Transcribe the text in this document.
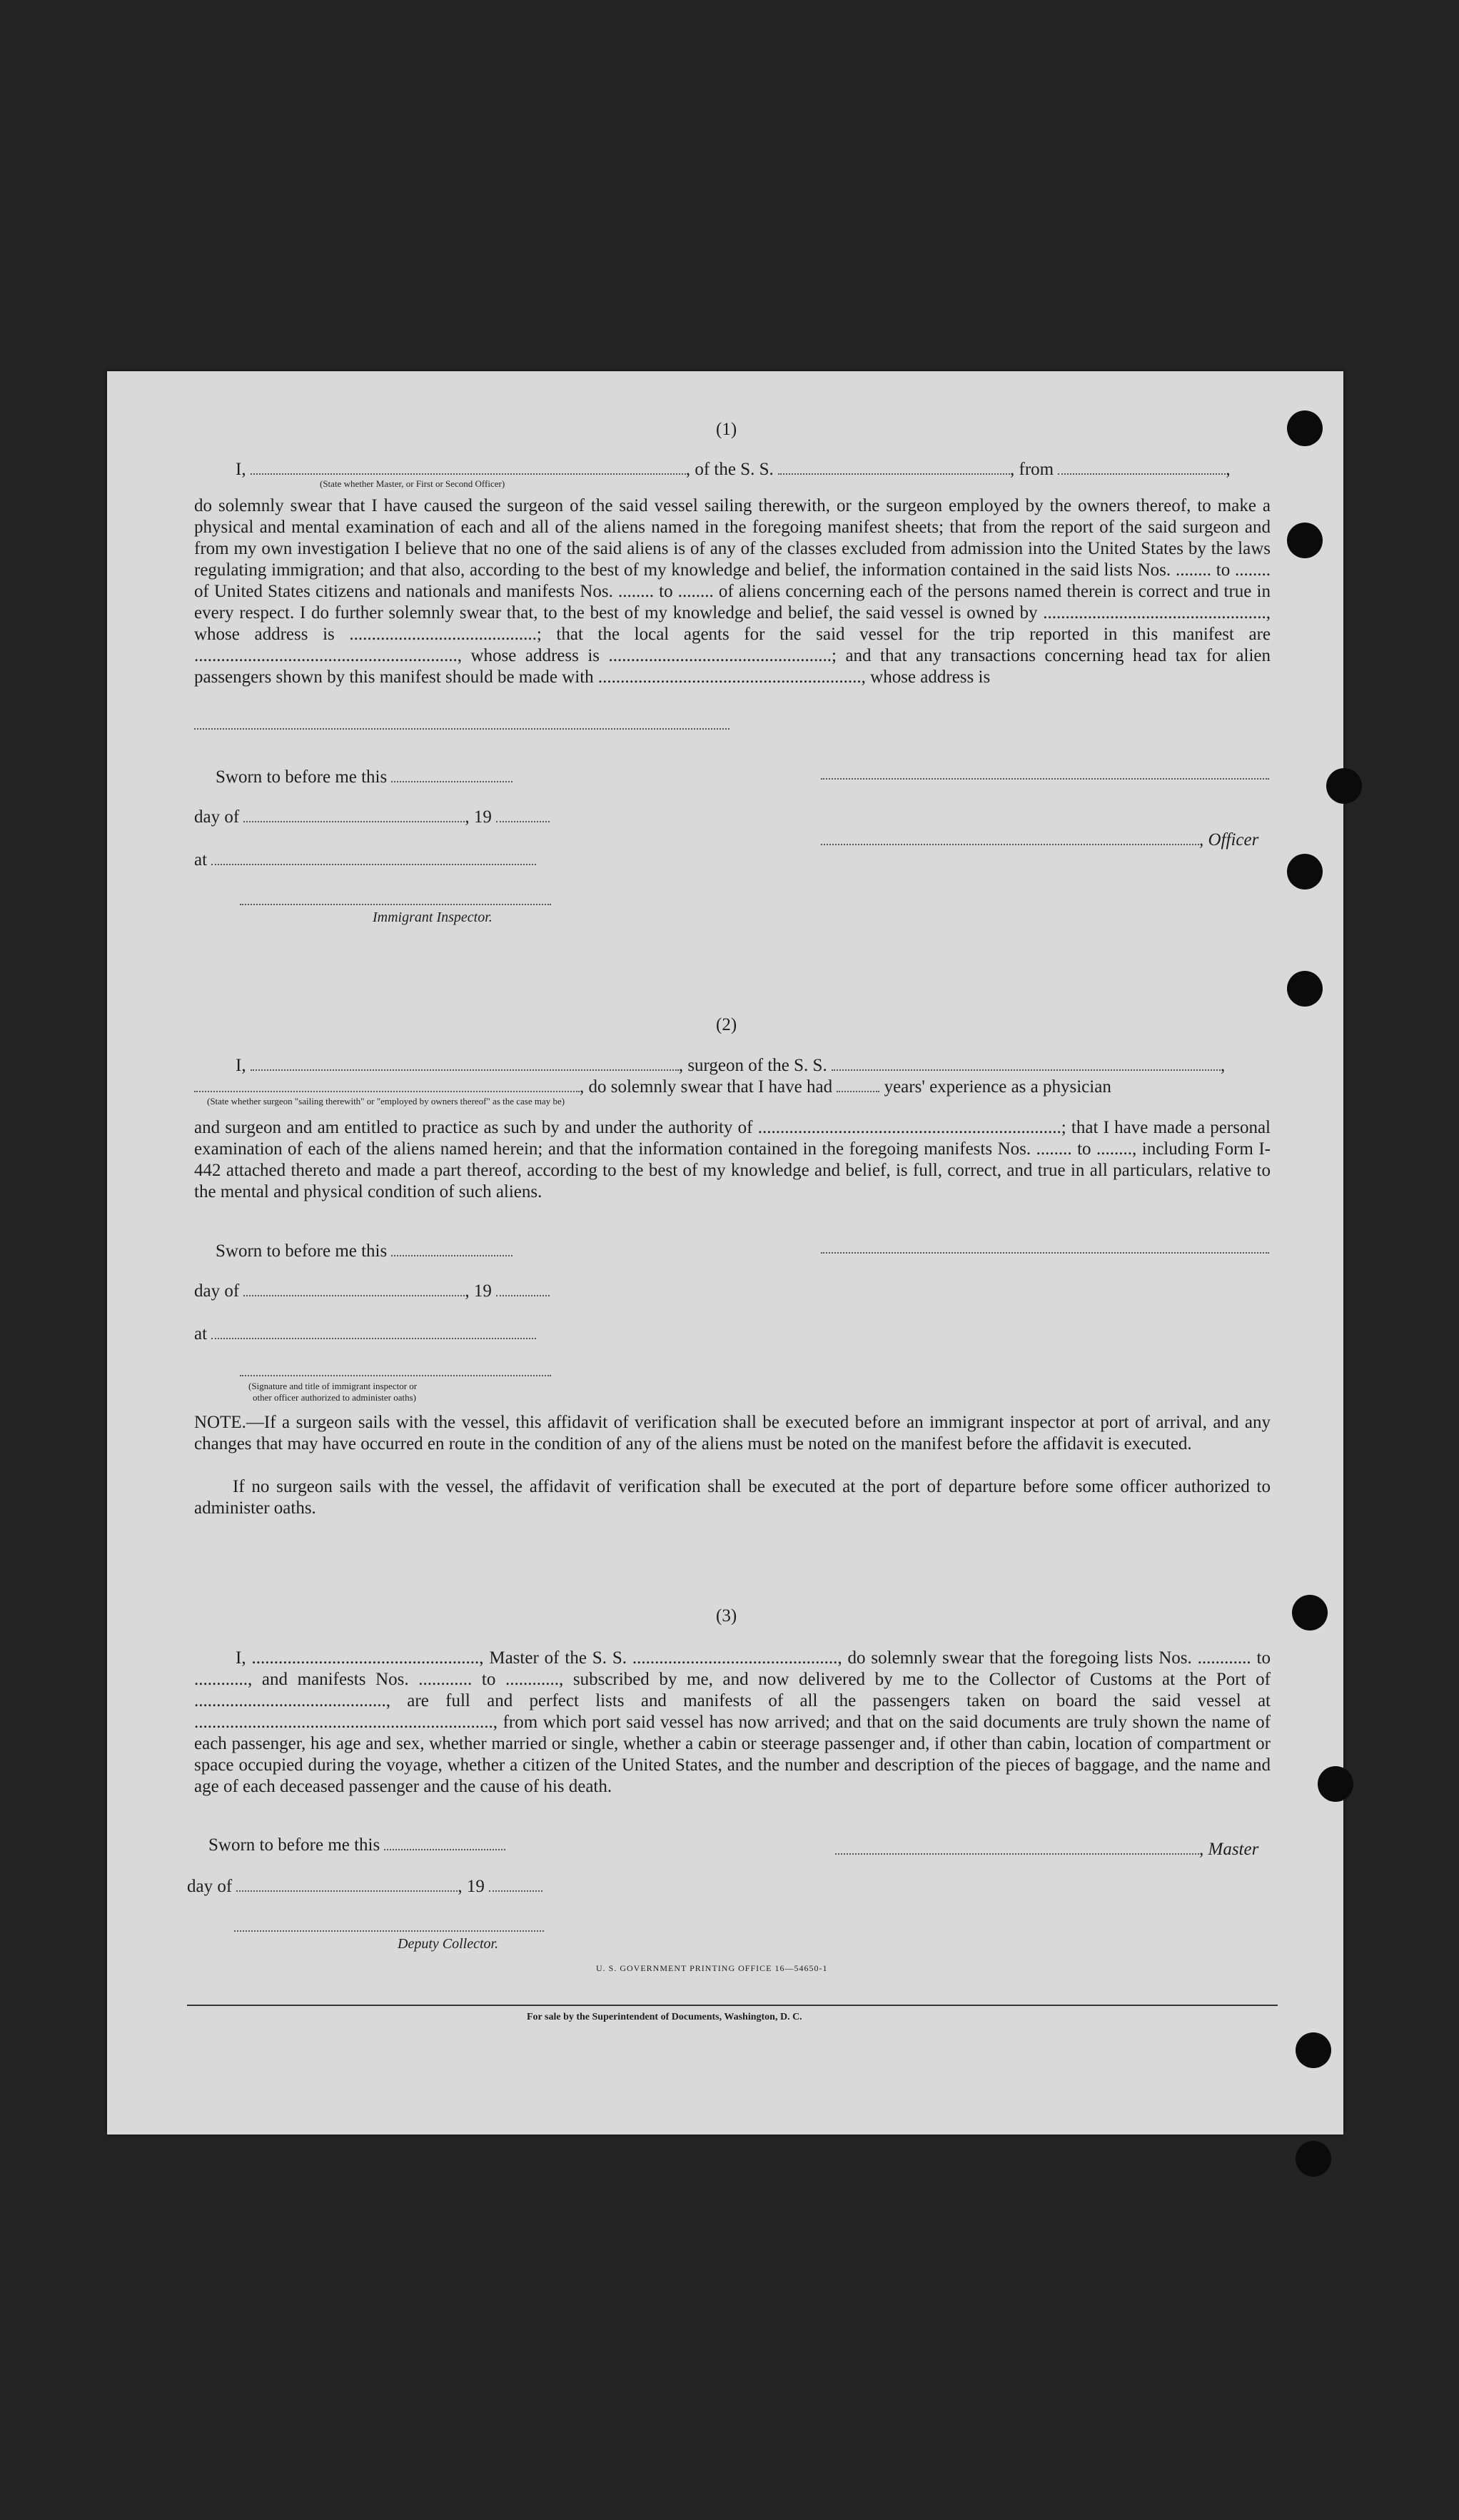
(1)
I,	, of the S. S.	, from	,
(State whether Master, or First or Second Officer)
do solemnly swear that I have caused the surgeon of the said vessel sailing therewith, or the surgeon employed by the owners thereof, to make a physical and mental examination of each and all of the aliens named in the foregoing manifest sheets; that from the report of the said surgeon and from my own investigation I believe that no one of the said aliens is of any of the classes excluded from admission into the United States by the laws regulating immigration; and that also, according to the best of my knowledge and belief, the information contained in the said lists Nos. ........ to ........ of United States citizens and nationals and manifests Nos. ........ to ........ of aliens concerning each of the persons named therein is correct and true in every respect. I do further solemnly swear that, to the best of my knowledge and belief, the said vessel is owned by .................................................., whose address is ..........................................; that the local agents for the said vessel for the trip reported in this manifest are ..........................................................., whose address is ..................................................; and that any transactions concerning head tax for alien passengers shown by this manifest should be made with ..........................................................., whose address is
Sworn to before me this
day of	, 19
, Officer
at
Immigrant Inspector.
(2)
I,	, surgeon of the S. S.	,
, do solemnly swear that I have had	years' experience as a physician
(State whether surgeon "sailing therewith" or "employed by owners thereof" as the case may be)
and surgeon and am entitled to practice as such by and under the authority of ....................................................................; that I have made a personal examination of each of the aliens named herein; and that the information contained in the foregoing manifests Nos. ........ to ........, including Form I-442 attached thereto and made a part thereof, according to the best of my knowledge and belief, is full, correct, and true in all particulars, relative to the mental and physical condition of such aliens.
Sworn to before me this
day of	, 19
at
(Signature and title of immigrant inspector or
other officer authorized to administer oaths)
NOTE.—If a surgeon sails with the vessel, this affidavit of verification shall be executed before an immigrant inspector at port of arrival, and any changes that may have occurred en route in the condition of any of the aliens must be noted on the manifest before the affidavit is executed.
If no surgeon sails with the vessel, the affidavit of verification shall be executed at the port of departure before some officer authorized to administer oaths.
(3)
I, ..................................................., Master of the S. S. .............................................., do solemnly swear that the foregoing lists Nos. ............ to ............, and manifests Nos. ............ to ............, subscribed by me, and now delivered by me to the Collector of Customs at the Port of ..........................................., are full and perfect lists and manifests of all the passengers taken on board the said vessel at ..................................................................., from which port said vessel has now arrived; and that on the said documents are truly shown the name of each passenger, his age and sex, whether married or single, whether a cabin or steerage passenger and, if other than cabin, location of compartment or space occupied during the voyage, whether a citizen of the United States, and the number and description of the pieces of baggage, and the name and age of each deceased passenger and the cause of his death.
Sworn to before me this	, Master
day of	, 19
Deputy Collector.
U. S. GOVERNMENT PRINTING OFFICE 16—54650-1
For sale by the Superintendent of Documents, Washington, D. C.
